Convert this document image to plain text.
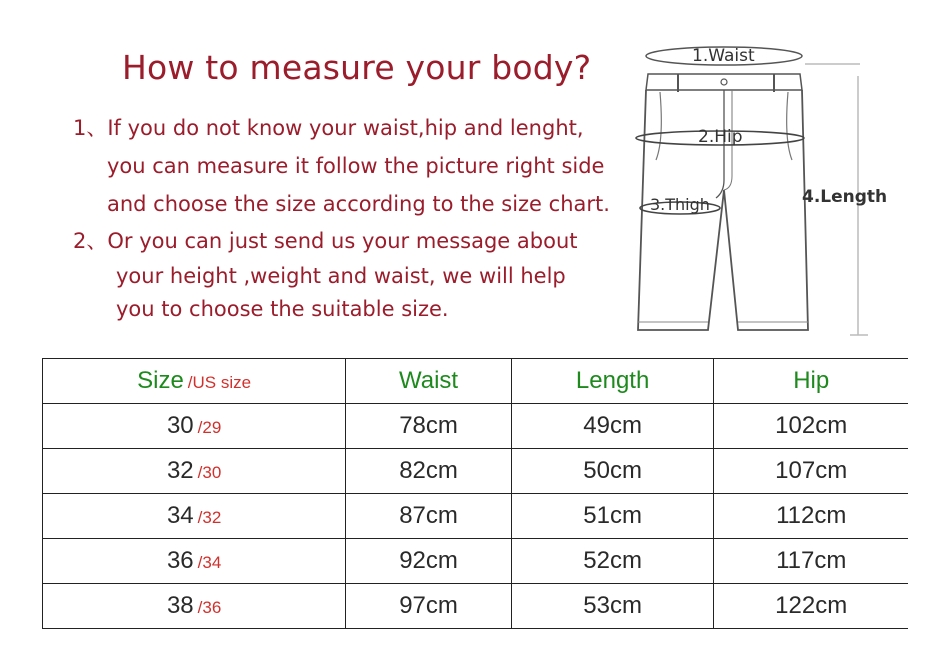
How to measure your body?
1、If you do not know your waist,hip and lenght,
you can measure it follow the picture right side
and choose the size according to the size chart.
2、Or you can just send us your message about
your height ,weight and waist, we will help
you to choose the suitable size.
1.Waist
2.Hip
3.Thigh	4.Length
Size /US size	Waist	Length	Hip
30 /29	78cm	49cm	102cm
32 /30	82cm	50cm	107cm
34 /32	87cm	51cm	112cm
36 /34	92cm	52cm	117cm
38 /36	97cm	53cm	122cm
